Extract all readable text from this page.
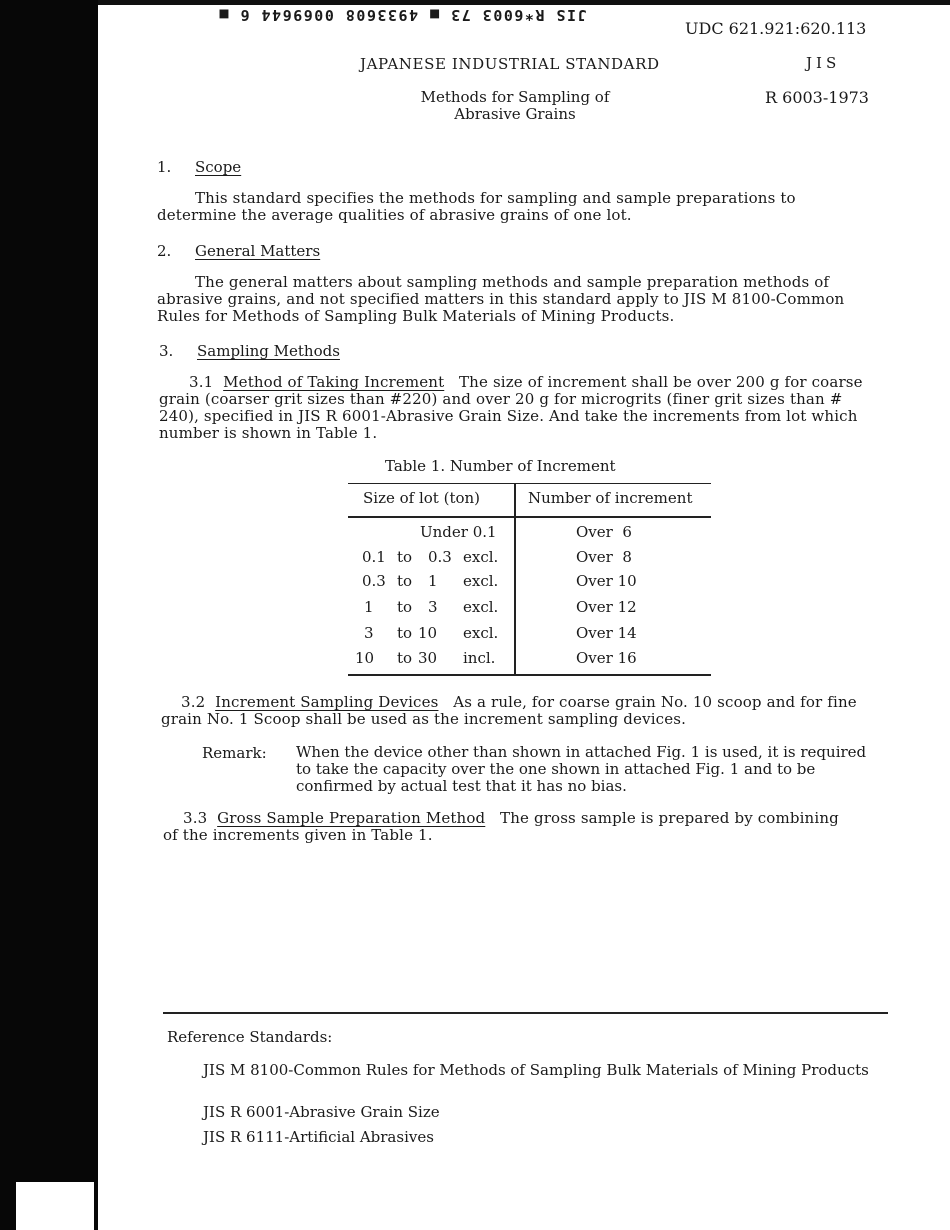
JIS R*6003 73 ■ 4933608 0069644 6 ■
UDC 621.921:620.113
JAPANESE INDUSTRIAL STANDARD	JIS
R 6003-1973
Methods for Sampling of
Abrasive Grains
1. Scope
This standard specifies the methods for sampling and sample preparations to determine the average qualities of abrasive grains of one lot.
2. General Matters
The general matters about sampling methods and sample preparation methods of abrasive grains, and not specified matters in this standard apply to JIS M 8100-Common Rules for Methods of Sampling Bulk Materials of Mining Products.
3. Sampling Methods
3.1 Method of Taking Increment The size of increment shall be over 200 g for coarse grain (coarser grit sizes than #220) and over 20 g for microgrits (finer grit sizes than # 240), specified in JIS R 6001-Abrasive Grain Size. And take the increments from lot which number is shown in Table 1.
Table 1. Number of Increment
Size of lot (ton)	Number of increment
Under 0.1	Over  6
0.1 to 0.3 excl.	Over  8
0.3 to 1 excl.	Over 10
1 to 3 excl.	Over 12
3 to 10 excl.	Over 14
10 to 30 incl.	Over 16
3.2 Increment Sampling Devices As a rule, for coarse grain No. 10 scoop and for fine grain No. 1 Scoop shall be used as the increment sampling devices.
Remark: When the device other than shown in attached Fig. 1 is used, it is required to take the capacity over the one shown in attached Fig. 1 and to be confirmed by actual test that it has no bias.
3.3 Gross Sample Preparation Method The gross sample is prepared by combining of the increments given in Table 1.
Reference Standards:
JIS M 8100-Common Rules for Methods of Sampling Bulk Materials of Mining Products
JIS R 6001-Abrasive Grain Size
JIS R 6111-Artificial Abrasives
